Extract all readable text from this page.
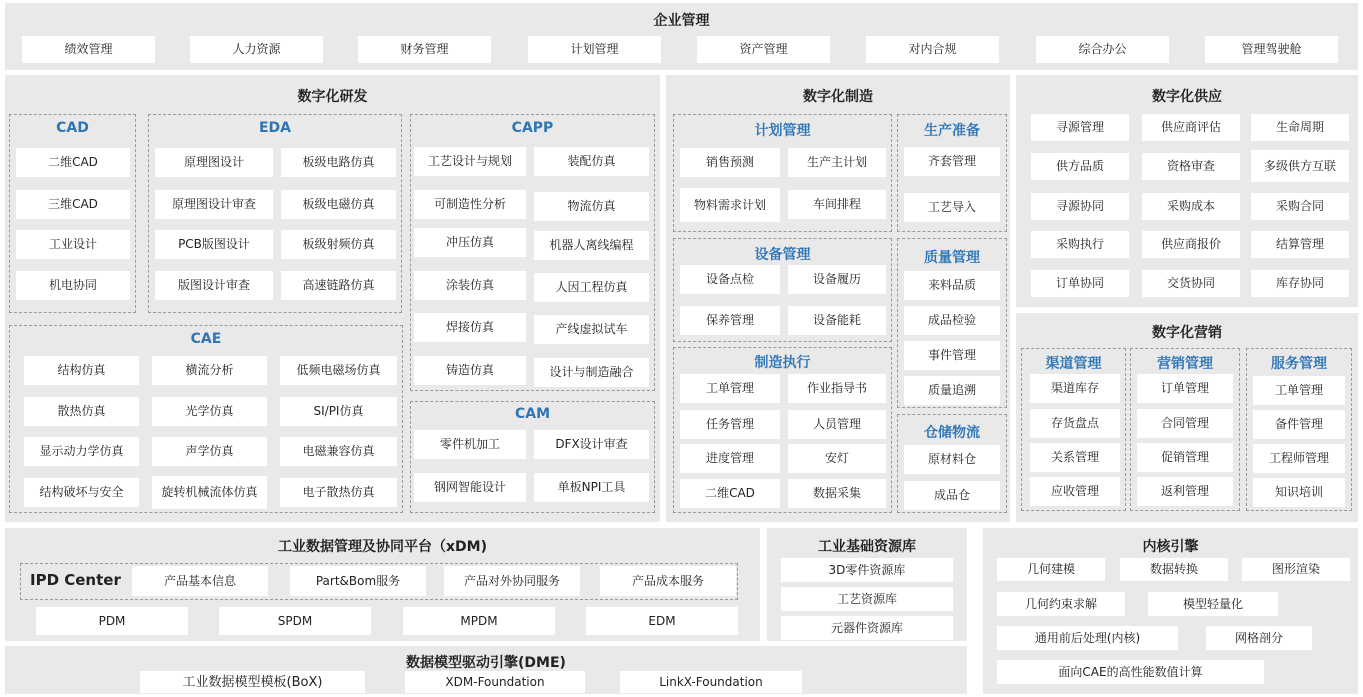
企业管理
绩效管理	人力资源	财务管理	计划管理	资产管理	对内合规	综合办公	管理驾驶舱
数字化研发
CAD
二维CAD
三维CAD
工业设计
机电协同
EDA
原理图设计	板级电路仿真
原理图设计审查	板级电磁仿真
PCB版图设计	板级射频仿真
版图设计审查	高速链路仿真
CAPP
工艺设计与规划	装配仿真
可制造性分析	物流仿真
冲压仿真	机器人离线编程
涂装仿真	人因工程仿真
焊接仿真	产线虚拟试车
铸造仿真	设计与制造融合
CAE
结构仿真	横流分析	低频电磁场仿真
散热仿真	光学仿真	SI/PI仿真
显示动力学仿真	声学仿真	电磁兼容仿真
结构破坏与安全	旋转机械流体仿真	电子散热仿真
CAM
零件机加工	DFX设计审查
钢网智能设计	单板NPI工具
数字化制造
计划管理
销售预测	生产主计划
物料需求计划	车间排程
生产准备
齐套管理
工艺导入
设备管理
设备点检	设备履历
保养管理	设备能耗
质量管理
来料品质
成品检验
事件管理
质量追溯
制造执行
工单管理	作业指导书
任务管理	人员管理
进度管理	安灯
二维CAD	数据采集
仓储物流
原材料仓
成品仓
数字化供应
寻源管理	供应商评估	生命周期
供方品质	资格审查	多级供方互联
寻源协同	采购成本	采购合同
采购执行	供应商报价	结算管理
订单协同	交货协同	库存协同
数字化营销
渠道管理
渠道库存
存货盘点
关系管理
应收管理
营销管理
订单管理
合同管理
促销管理
返利管理
服务管理
工单管理
备件管理
工程师管理
知识培训
工业数据管理及协同平台（xDM)
IPD Center	产品基本信息	Part&Bom服务	产品对外协同服务	产品成本服务
PDM	SPDM	MPDM	EDM
工业基础资源库
3D零件资源库
工艺资源库
元器件资源库
数据模型驱动引擎(DME)
工业数据模型模板(BoX)	XDM-Foundation	LinkX-Foundation
内核引擎
几何建模	数据转换	图形渲染
几何约束求解	模型轻量化
通用前后处理(内核)	网格剖分
面向CAE的高性能数值计算
